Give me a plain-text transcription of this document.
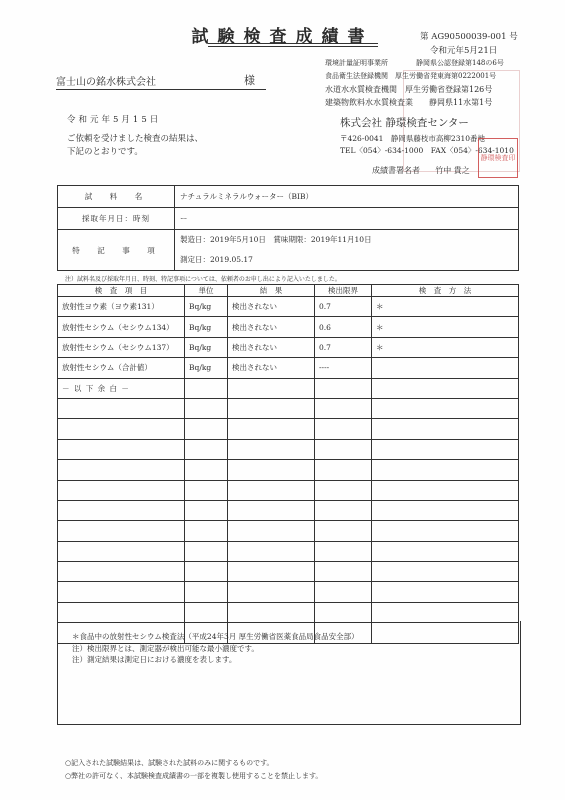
試験検査成績書	第 AG90500039-001 号
令和元年5月21日
富士山の銘水株式会社	様
環境計量証明事業所　　　　静岡県公認登録第148の6号
食品衛生法登録機関　厚生労働省発東海第0222001号
水道水水質検査機関　厚生労働省登録第126号
建築物飲料水水質検査業　　静岡県11水第1号
令和元年5月15日
ご依頼を受けました検査の結果は、
下記のとおりです。
株式会社 静環検査センター
〒426-0041　静岡県藤枝市高柳2310番地
TEL〈054〉-634-1000　FAX〈054〉-634-1010
成績書署名者 竹中 貴之
静環検査印
試　料　名	ナチュラルミネラルウォーター（BIB）
採取年月日：時刻	ー
特　記　事　項	製造日：2019年5月10日　賞味期限：2019年11月10日
測定日：2019.05.17
注）試料名及び採取年月日、時刻、特記事項については、依頼者のお申し出により記入いたしました。
検　査　項　目	単位	結　果	検出限界	検　査　方　法
放射性ヨウ素（ヨウ素131）	Bq/kg	検出されない	0.7	＊
放射性セシウム（セシウム134）	Bq/kg	検出されない	0.6	＊
放射性セシウム（セシウム137）	Bq/kg	検出されない	0.7	＊
放射性セシウム（合計値）	Bq/kg	検出されない	----	
－ 以 下 余 白 －				

＊食品中の放射性セシウム検査法（平成24年3月 厚生労働省医薬食品局食品安全部）
注）検出限界とは、測定器が検出可能な最小濃度です。
注）測定結果は測定日における濃度を表します。
○記入された試験結果は、試験された試料のみに関するものです。
○弊社の許可なく、本試験検査成績書の一部を複製し使用することを禁止します。
